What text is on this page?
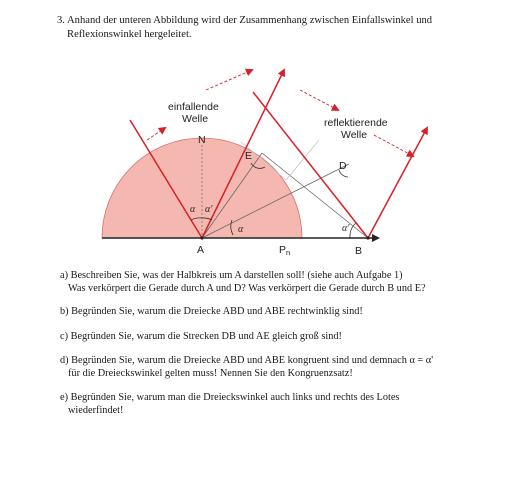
3. Anhand der unteren Abbildung wird der Zusammenhang zwischen Einfallswinkel und
Reflexionswinkel hergeleitet.
einfallende
Welle	reflektierende
Welle
N
E
D
A	B
Pn
α α'
α	α'
a) Beschreiben Sie, was der Halbkreis um A darstellen soll! (siehe auch Aufgabe 1)
Was verkörpert die Gerade durch A und D? Was verkörpert die Gerade durch B und E?
b) Begründen Sie, warum die Dreiecke ABD und ABE rechtwinklig sind!
c) Begründen Sie, warum die Strecken DB und AE gleich groß sind!
d) Begründen Sie, warum die Dreiecke ABD und ABE kongruent sind und demnach α = α'
für die Dreieckswinkel gelten muss! Nennen Sie den Kongruenzsatz!
e) Begründen Sie, warum man die Dreieckswinkel auch links und rechts des Lotes
wiederfindet!
